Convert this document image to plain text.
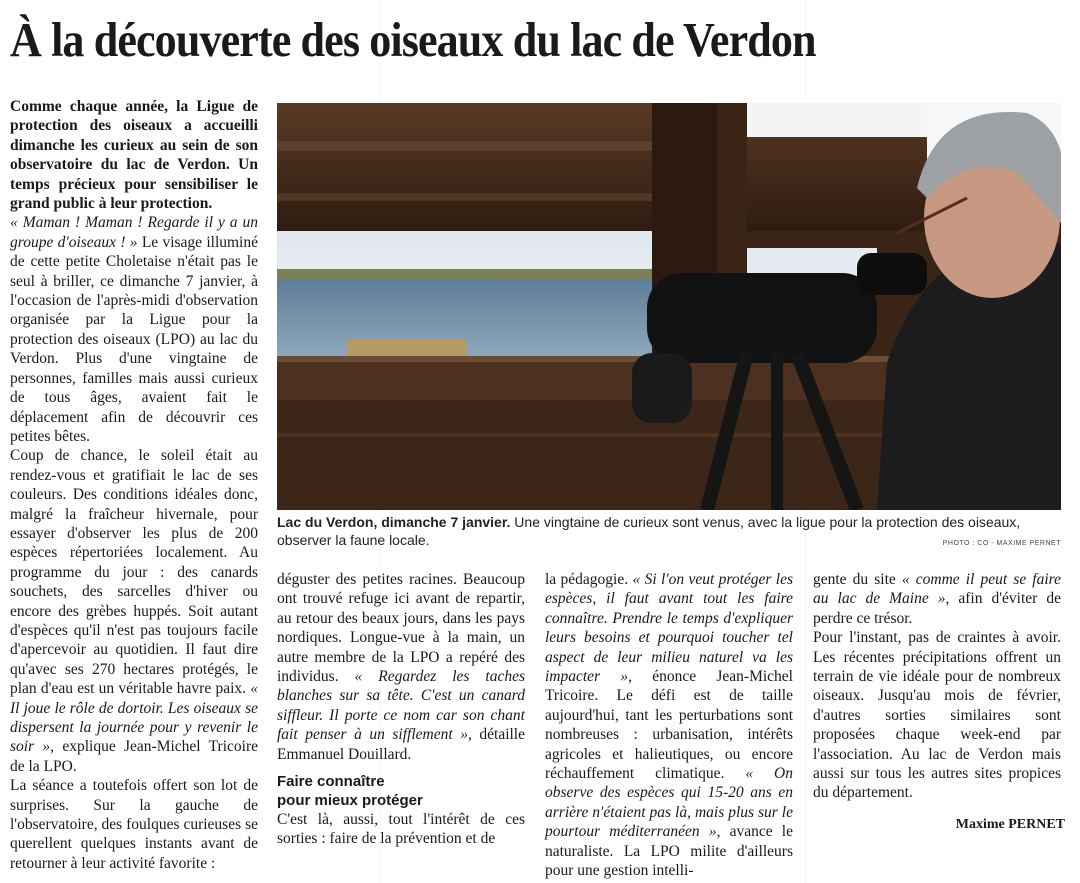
À la découverte des oiseaux du lac de Verdon

Comme chaque année, la Ligue de protection des oiseaux a accueilli dimanche les curieux au sein de son observatoire du lac de Verdon. Un temps précieux pour sensibiliser le grand public à leur protection.

« Maman ! Maman ! Regarde il y a un groupe d'oiseaux ! » Le visage illuminé de cette petite Choletaise n'était pas le seul à briller, ce dimanche 7 janvier, à l'occasion de l'après-midi d'observation organisée par la Ligue pour la protection des oiseaux (LPO) au lac du Verdon. Plus d'une vingtaine de personnes, familles mais aussi curieux de tous âges, avaient fait le déplacement afin de découvrir ces petites bêtes.

Coup de chance, le soleil était au rendez-vous et gratifiait le lac de ses couleurs. Des conditions idéales donc, malgré la fraîcheur hivernale, pour essayer d'observer les plus de 200 espèces répertoriées localement. Au programme du jour : des canards souchets, des sarcelles d'hiver ou encore des grèbes huppés. Soit autant d'espèces qu'il n'est pas toujours facile d'apercevoir au quotidien. Il faut dire qu'avec ses 270 hectares protégés, le plan d'eau est un véritable havre paix. « Il joue le rôle de dortoir. Les oiseaux se dispersent la journée pour y revenir le soir », explique Jean-Michel Tricoire de la LPO.

La séance a toutefois offert son lot de surprises. Sur la gauche de l'observatoire, des foulques curieuses se querellent quelques instants avant de retourner à leur activité favorite :

Lac du Verdon, dimanche 7 janvier. Une vingtaine de curieux sont venus, avec la ligue pour la protection des oiseaux, observer la faune locale.	PHOTO : CO - MAXIME PERNET

déguster des petites racines. Beaucoup ont trouvé refuge ici avant de repartir, au retour des beaux jours, dans les pays nordiques. Longue-vue à la main, un autre membre de la LPO a repéré des individus. « Regardez les taches blanches sur sa tête. C'est un canard siffleur. Il porte ce nom car son chant fait penser à un sifflement », détaille Emmanuel Douillard.

Faire connaître
pour mieux protéger

C'est là, aussi, tout l'intérêt de ces sorties : faire de la prévention et de

la pédagogie. « Si l'on veut protéger les espèces, il faut avant tout les faire connaître. Prendre le temps d'expliquer leurs besoins et pourquoi toucher tel aspect de leur milieu naturel va les impacter », énonce Jean-Michel Tricoire. Le défi est de taille aujourd'hui, tant les perturbations sont nombreuses : urbanisation, intérêts agricoles et halieutiques, ou encore réchauffement climatique. « On observe des espèces qui 15-20 ans en arrière n'étaient pas là, mais plus sur le pourtour méditerranéen », avance le naturaliste. La LPO milite d'ailleurs pour une gestion intelli-

gente du site « comme il peut se faire au lac de Maine », afin d'éviter de perdre ce trésor.

Pour l'instant, pas de craintes à avoir. Les récentes précipitations offrent un terrain de vie idéale pour de nombreux oiseaux. Jusqu'au mois de février, d'autres sorties similaires sont proposées chaque week-end par l'association. Au lac de Verdon mais aussi sur tous les autres sites propices du département.

Maxime PERNET
